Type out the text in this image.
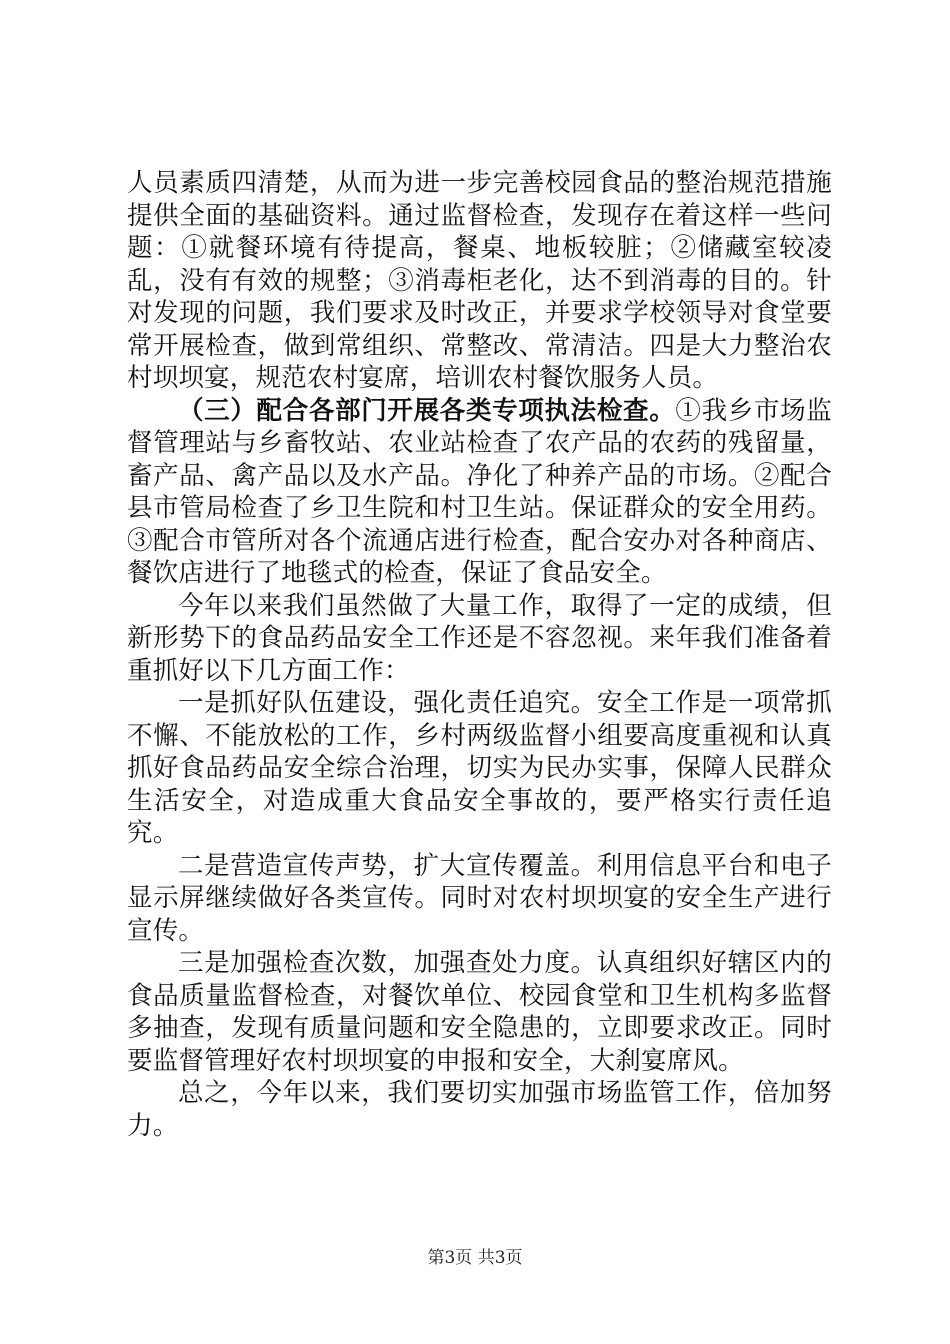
人员素质四清楚，从而为进一步完善校园食品的整治规范措施提供全面的基础资料。通过监督检查，发现存在着这样一些问题：①就餐环境有待提高，餐桌、地板较脏；②储藏室较凌乱，没有有效的规整；③消毒柜老化，达不到消毒的目的。针对发现的问题，我们要求及时改正，并要求学校领导对食堂要常开展检查，做到常组织、常整改、常清洁。四是大力整治农村坝坝宴，规范农村宴席，培训农村餐饮服务人员。

（三）配合各部门开展各类专项执法检查。①我乡市场监督管理站与乡畜牧站、农业站检查了农产品的农药的残留量，畜产品、禽产品以及水产品。净化了种养产品的市场。②配合县市管局检查了乡卫生院和村卫生站。保证群众的安全用药。③配合市管所对各个流通店进行检查，配合安办对各种商店、餐饮店进行了地毯式的检查，保证了食品安全。

今年以来我们虽然做了大量工作，取得了一定的成绩，但新形势下的食品药品安全工作还是不容忽视。来年我们准备着重抓好以下几方面工作：

一是抓好队伍建设，强化责任追究。安全工作是一项常抓不懈、不能放松的工作，乡村两级监督小组要高度重视和认真抓好食品药品安全综合治理，切实为民办实事，保障人民群众生活安全，对造成重大食品安全事故的，要严格实行责任追究。

二是营造宣传声势，扩大宣传覆盖。利用信息平台和电子显示屏继续做好各类宣传。同时对农村坝坝宴的安全生产进行宣传。

三是加强检查次数，加强查处力度。认真组织好辖区内的食品质量监督检查，对餐饮单位、校园食堂和卫生机构多监督多抽查，发现有质量问题和安全隐患的，立即要求改正。同时要监督管理好农村坝坝宴的申报和安全，大刹宴席风。

总之，今年以来，我们要切实加强市场监管工作，倍加努力。

第3页 共3页
